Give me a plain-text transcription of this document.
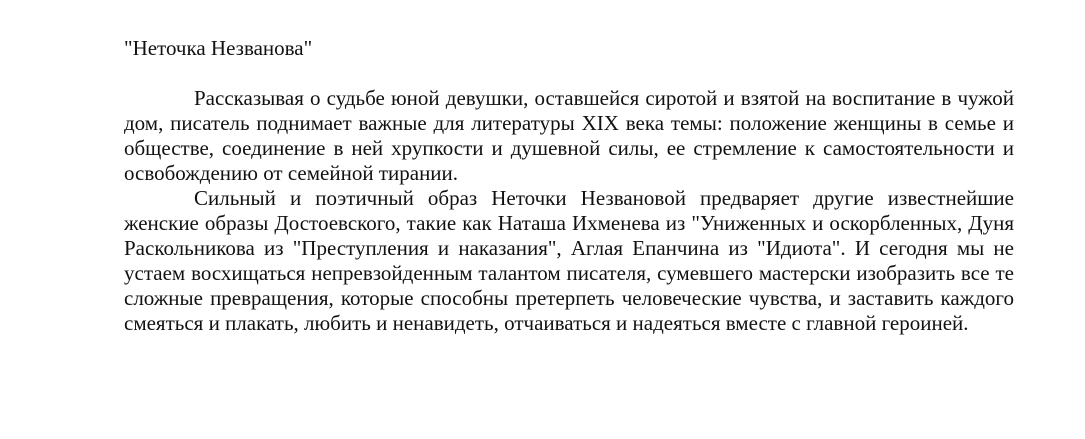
"Неточка Незванова"

Рассказывая о судьбе юной девушки, оставшейся сиротой и взятой на воспитание в чужой дом, писатель поднимает важные для литературы XIX века темы: положение женщины в семье и обществе, соединение в ней хрупкости и душевной силы, ее стремление к самостоятельности и освобождению от семейной тирании.

Сильный и поэтичный образ Неточки Незвановой предваряет другие известнейшие женские образы Достоевского, такие как Наташа Ихменева из "Униженных и оскорбленных, Дуня Раскольникова из "Преступления и наказания", Аглая Епанчина из "Идиота". И сегодня мы не устаем восхищаться непревзойденным талантом писателя, сумевшего мастерски изобразить все те сложные превращения, которые способны претерпеть человеческие чувства, и заставить каждого смеяться и плакать, любить и ненавидеть, отчаиваться и надеяться вместе с главной героиней.
